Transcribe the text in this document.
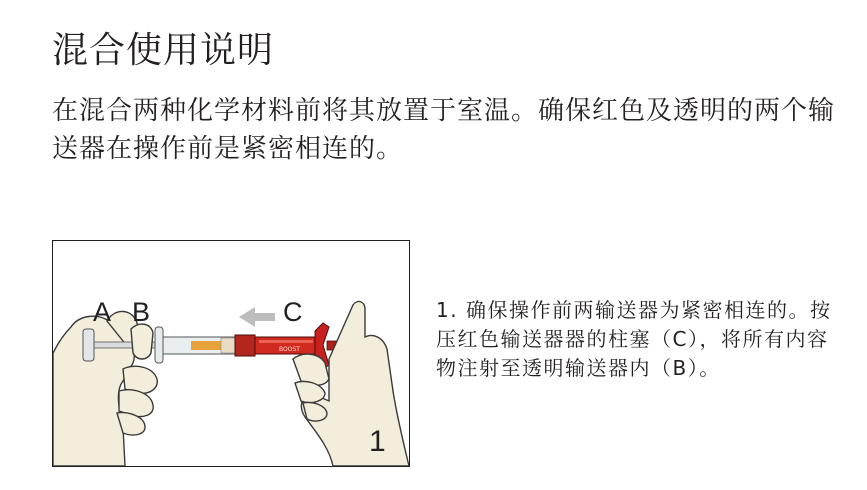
混合使用说明

在混合两种化学材料前将其放置于室温。确保红色及透明的两个输送器在操作前是紧密相连的。

BOOST
A B	C
1

1. 确保操作前两输送器为紧密相连的。按压红色输送器器的柱塞（C），将所有内容物注射至透明输送器内（B）。
